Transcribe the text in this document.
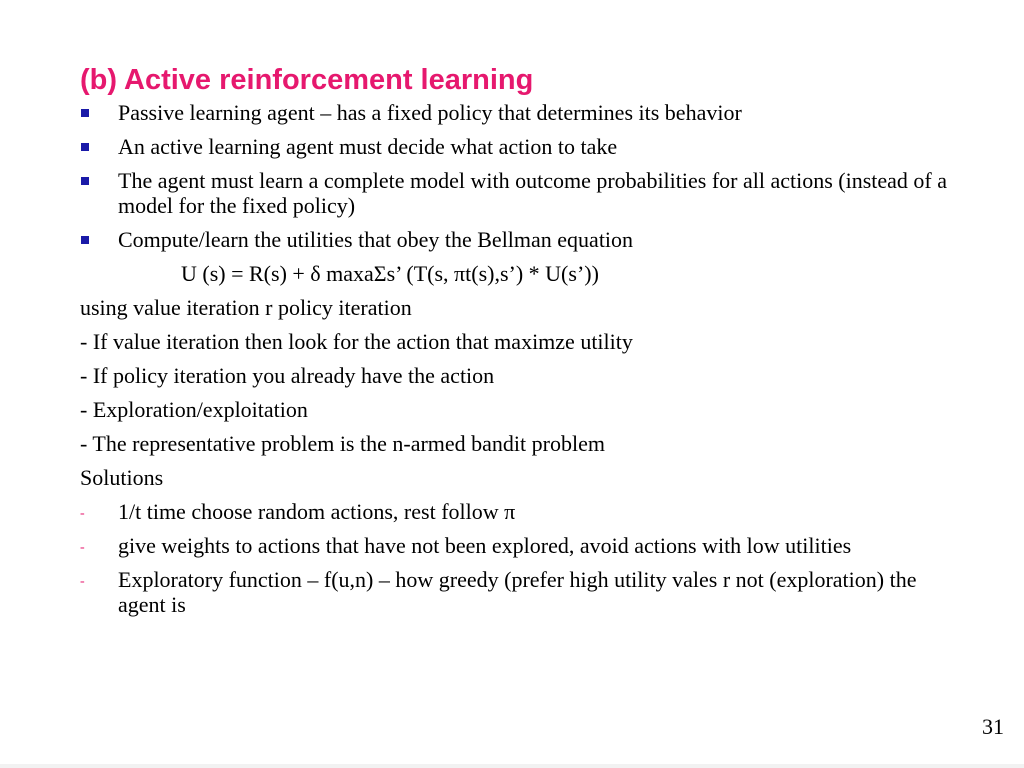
(b) Active reinforcement learning
Passive learning agent – has a fixed policy that determines its behavior
An active learning agent must decide what action to take
The agent must learn a complete model with outcome probabilities for all actions (instead of a model for the fixed policy)
Compute/learn the utilities that obey the Bellman equation
U (s) = R(s) + δ maxaΣs’ (T(s, πt(s),s’) * U(s’))
using value iteration r policy iteration
- If value iteration then look for the action that maximze utility
- If policy iteration you already have the action
- Exploration/exploitation
- The representative problem is the n-armed bandit problem
Solutions
-	1/t time choose random actions, rest follow π
-	give weights to actions that have not been explored, avoid actions with low utilities
-	Exploratory function – f(u,n) – how greedy (prefer high utility vales r not (exploration) the agent is
31
